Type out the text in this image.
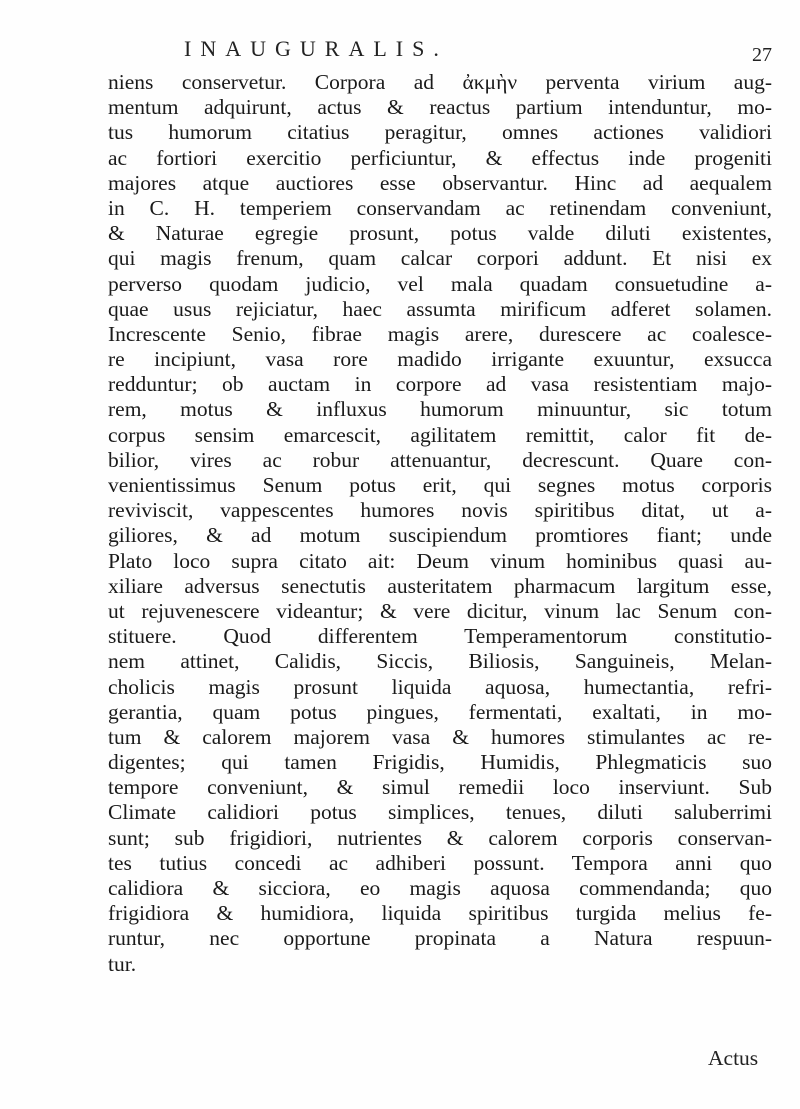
INAUGURALIS.	27
niens conservetur. Corpora ad ἀκμὴν perventa virium aug-
mentum adquirunt, actus & reactus partium intenduntur, mo-
tus humorum citatius peragitur, omnes actiones validiori
ac fortiori exercitio perficiuntur, & effectus inde progeniti
majores atque auctiores esse observantur. Hinc ad aequalem
in C. H. temperiem conservandam ac retinendam conveniunt,
& Naturae egregie prosunt, potus valde diluti existentes,
qui magis frenum, quam calcar corpori addunt. Et nisi ex
perverso quodam judicio, vel mala quadam consuetudine a-
quae usus rejiciatur, haec assumta mirificum adferet solamen.
Increscente Senio, fibrae magis arere, durescere ac coalesce-
re incipiunt, vasa rore madido irrigante exuuntur, exsucca
redduntur; ob auctam in corpore ad vasa resistentiam majo-
rem, motus & influxus humorum minuuntur, sic totum
corpus sensim emarcescit, agilitatem remittit, calor fit de-
bilior, vires ac robur attenuantur, decrescunt. Quare con-
venientissimus Senum potus erit, qui segnes motus corporis
reviviscit, vappescentes humores novis spiritibus ditat, ut a-
giliores, & ad motum suscipiendum promtiores fiant; unde
Plato loco supra citato ait: Deum vinum hominibus quasi au-
xiliare adversus senectutis austeritatem pharmacum largitum esse,
ut rejuvenescere videantur; & vere dicitur, vinum lac Senum con-
stituere. Quod differentem Temperamentorum constitutio-
nem attinet, Calidis, Siccis, Biliosis, Sanguineis, Melan-
cholicis magis prosunt liquida aquosa, humectantia, refri-
gerantia, quam potus pingues, fermentati, exaltati, in mo-
tum & calorem majorem vasa & humores stimulantes ac re-
digentes; qui tamen Frigidis, Humidis, Phlegmaticis suo
tempore conveniunt, & simul remedii loco inserviunt. Sub
Climate calidiori potus simplices, tenues, diluti saluberrimi
sunt; sub frigidiori, nutrientes & calorem corporis conservan-
tes tutius concedi ac adhiberi possunt. Tempora anni quo
calidiora & sicciora, eo magis aquosa commendanda; quo
frigidiora & humidiora, liquida spiritibus turgida melius fe-
runtur, nec opportune propinata a Natura respuun-
tur.
Actus
